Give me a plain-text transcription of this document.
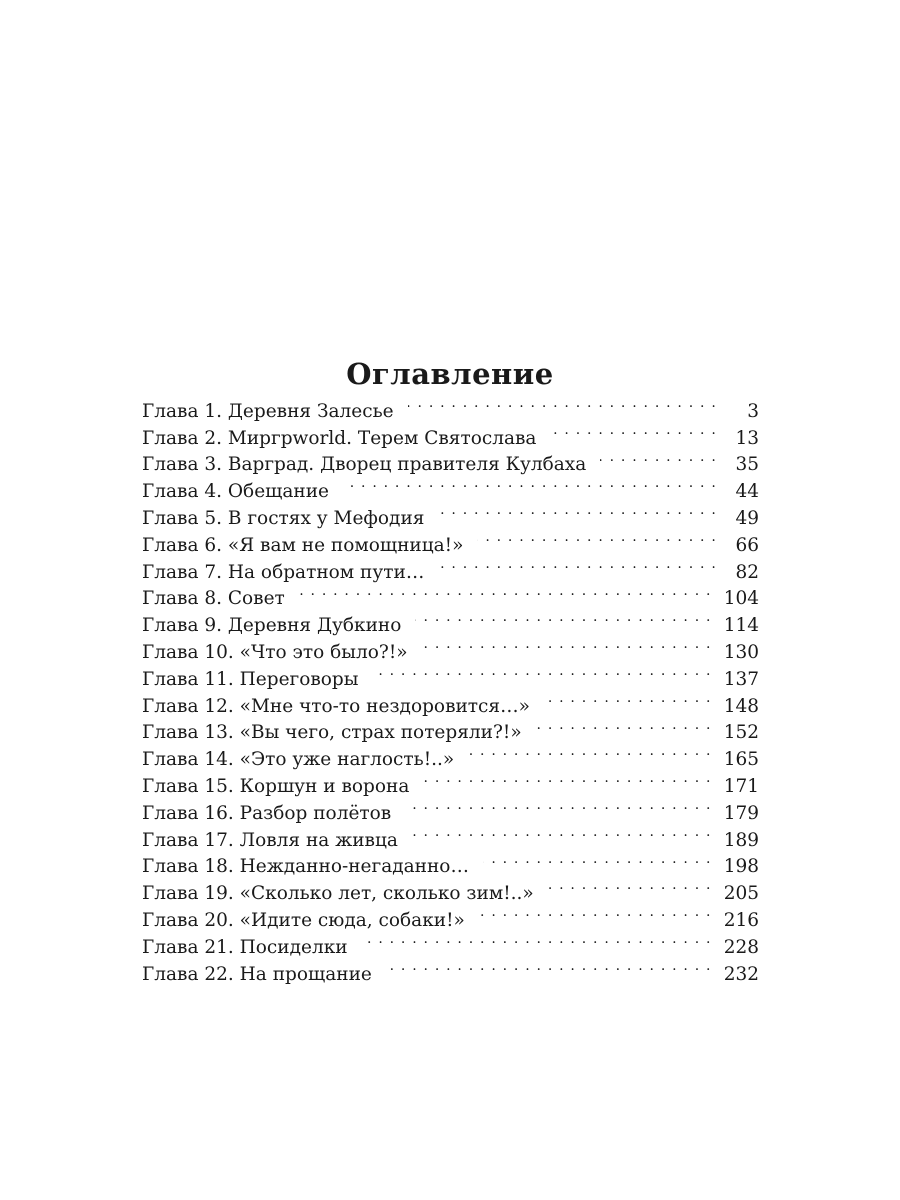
Оглавление
Глава 1. Деревня Залесье . . .	3
Глава 2. Миргрworld. Терем Святослава . . .	13
Глава 3. Варград. Дворец правителя Кулбаха . . .	35
Глава 4. Обещание . . .	44
Глава 5. В гостях у Мефодия . . .	49
Глава 6. «Я вам не помощница!» . . .	66
Глава 7. На обратном пути… . . .	82
Глава 8. Совет . . .	104
Глава 9. Деревня Дубкино . . .	114
Глава 10. «Что это было?!» . . .	130
Глава 11. Переговоры . . .	137
Глава 12. «Мне что-то нездоровится…» . . .	148
Глава 13. «Вы чего, страх потеряли?!» . . .	152
Глава 14. «Это уже наглость!..» . . .	165
Глава 15. Коршун и ворона . . .	171
Глава 16. Разбор полётов . . .	179
Глава 17. Ловля на живца . . .	189
Глава 18. Нежданно-негаданно… . . .	198
Глава 19. «Сколько лет, сколько зим!..» . . .	205
Глава 20. «Идите сюда, собаки!» . . .	216
Глава 21. Посиделки . . .	228
Глава 22. На прощание . . .	232
